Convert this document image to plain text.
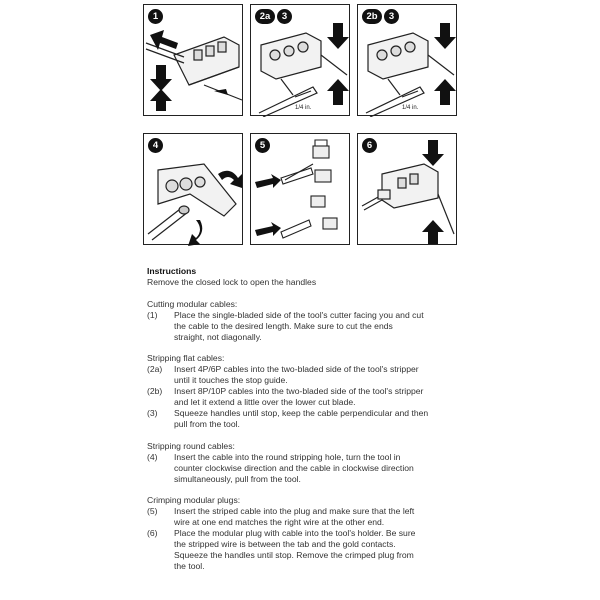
1	2a	3
1/4 in.
2b	3
1/4 in.
4	5	6
Instructions
Remove the closed lock to open the handles
Cutting modular cables:
(1)	Place the single-bladed side of the tool's cutter facing you and cut
the cable to the desired length. Make sure to cut the ends
straight, not diagonally.
Stripping flat cables:
(2a)	Insert 4P/6P cables into the two-bladed side of the tool's stripper
until it touches the stop guide.
(2b)	Insert 8P/10P cables into the two-bladed side of the tool's stripper
and let it extend a little over the lower cut blade.
(3)	Squeeze handles until stop, keep the cable perpendicular and then
pull from the tool.
Stripping round cables:
(4)	Insert the cable into the round stripping hole, turn the tool in
counter clockwise direction and the cable in clockwise direction
simultaneously, pull from the tool.
Crimping modular plugs:
(5)	Insert the striped cable into the plug and make sure that the left
wire at one end matches the right wire at the other end.
(6)	Place the modular plug with cable into the tool's holder. Be sure
the stripped wire is between the tab and the gold contacts.
Squeeze the handles until stop. Remove the crimped plug from
the tool.
